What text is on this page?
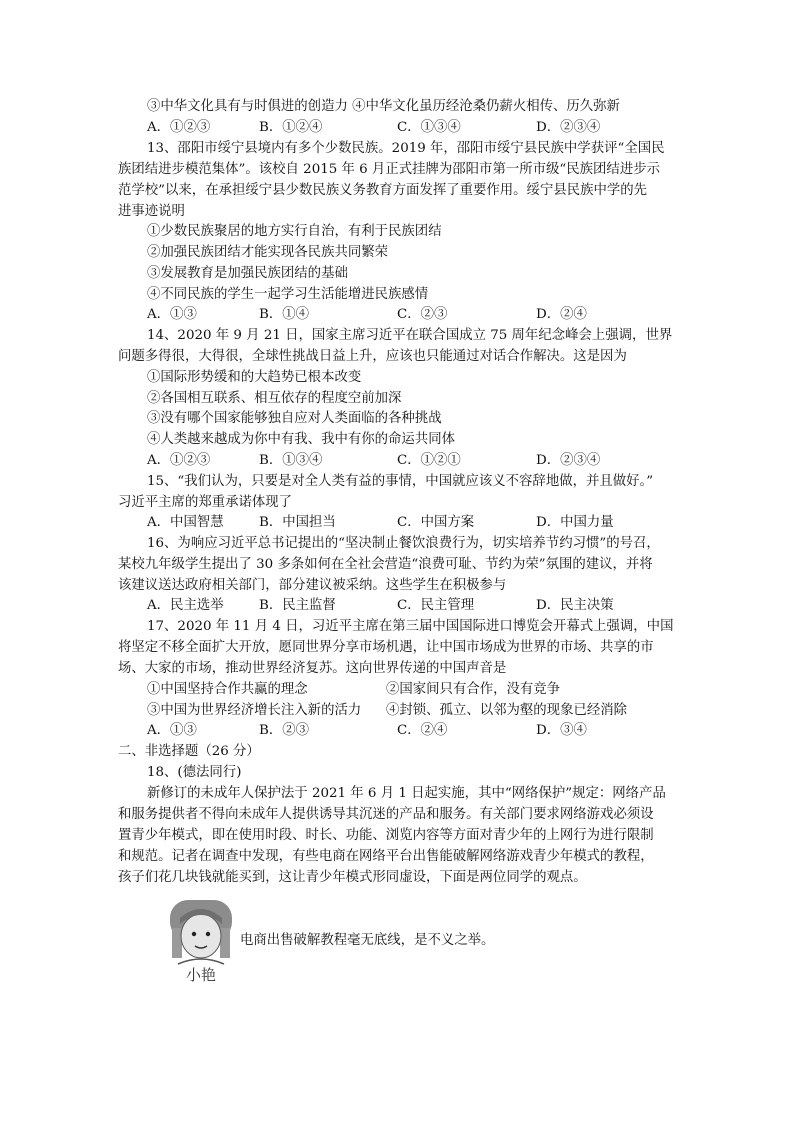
③中华文化具有与时俱进的创造力 ④中华文化虽历经沧桑仍薪火相传、历久弥新
A．①②③	B．①②④	C．①③④	D．②③④
13、邵阳市绥宁县境内有多个少数民族。2019 年，邵阳市绥宁县民族中学获评“全国民
族团结进步模范集体”。该校自 2015 年 6 月正式挂牌为邵阳市第一所市级“民族团结进步示
范学校”以来，在承担绥宁县少数民族义务教育方面发挥了重要作用。绥宁县民族中学的先
进事迹说明
①少数民族聚居的地方实行自治，有利于民族团结
②加强民族团结才能实现各民族共同繁荣
③发展教育是加强民族团结的基础
④不同民族的学生一起学习生活能增进民族感情
A．①③	B．①④	C．②③	D．②④
14、2020 年 9 月 21 日，国家主席习近平在联合国成立 75 周年纪念峰会上强调，世界
问题多得很，大得很，全球性挑战日益上升，应该也只能通过对话合作解决。这是因为
①国际形势缓和的大趋势已根本改变
②各国相互联系、相互依存的程度空前加深
③没有哪个国家能够独自应对人类面临的各种挑战
④人类越来越成为你中有我、我中有你的命运共同体
A．①②③	B．①③④	C．①②①	D．②③④
15、“我们认为，只要是对全人类有益的事情，中国就应该义不容辞地做，并且做好。”
习近平主席的郑重承诺体现了
A．中国智慧	B．中国担当	C．中国方案	D．中国力量
16、为响应习近平总书记提出的“坚决制止餐饮浪费行为，切实培养节约习惯”的号召，
某校九年级学生提出了 30 多条如何在全社会营造“浪费可耻、节约为荣”氛围的建议，并将
该建议送达政府相关部门，部分建议被采纳。这些学生在积极参与
A．民主选举	B．民主监督	C．民主管理	D．民主决策
17、2020 年 11 月 4 日，习近平主席在第三届中国国际进口博览会开幕式上强调，中国
将坚定不移全面扩大开放，愿同世界分享市场机遇，让中国市场成为世界的市场、共享的市
场、大家的市场，推动世界经济复苏。这向世界传递的中国声音是
①中国坚持合作共赢的理念	②国家间只有合作，没有竞争
③中国为世界经济增长注入新的活力 ④封锁、孤立、以邻为壑的现象已经消除
A．①③	B．②③	C．②④	D．③④
二、非选择题（26 分）
18、(德法同行)
新修订的未成年人保护法于 2021 年 6 月 1 日起实施，其中“网络保护”规定：网络产品
和服务提供者不得向未成年人提供诱导其沉迷的产品和服务。有关部门要求网络游戏必须设
置青少年模式，即在使用时段、时长、功能、浏览内容等方面对青少年的上网行为进行限制
和规范。记者在调查中发现，有些电商在网络平台出售能破解网络游戏青少年模式的教程，
孩子们花几块钱就能买到，这让青少年模式形同虚设，下面是两位同学的观点。
电商出售破解教程毫无底线，是不义之举。
小艳
